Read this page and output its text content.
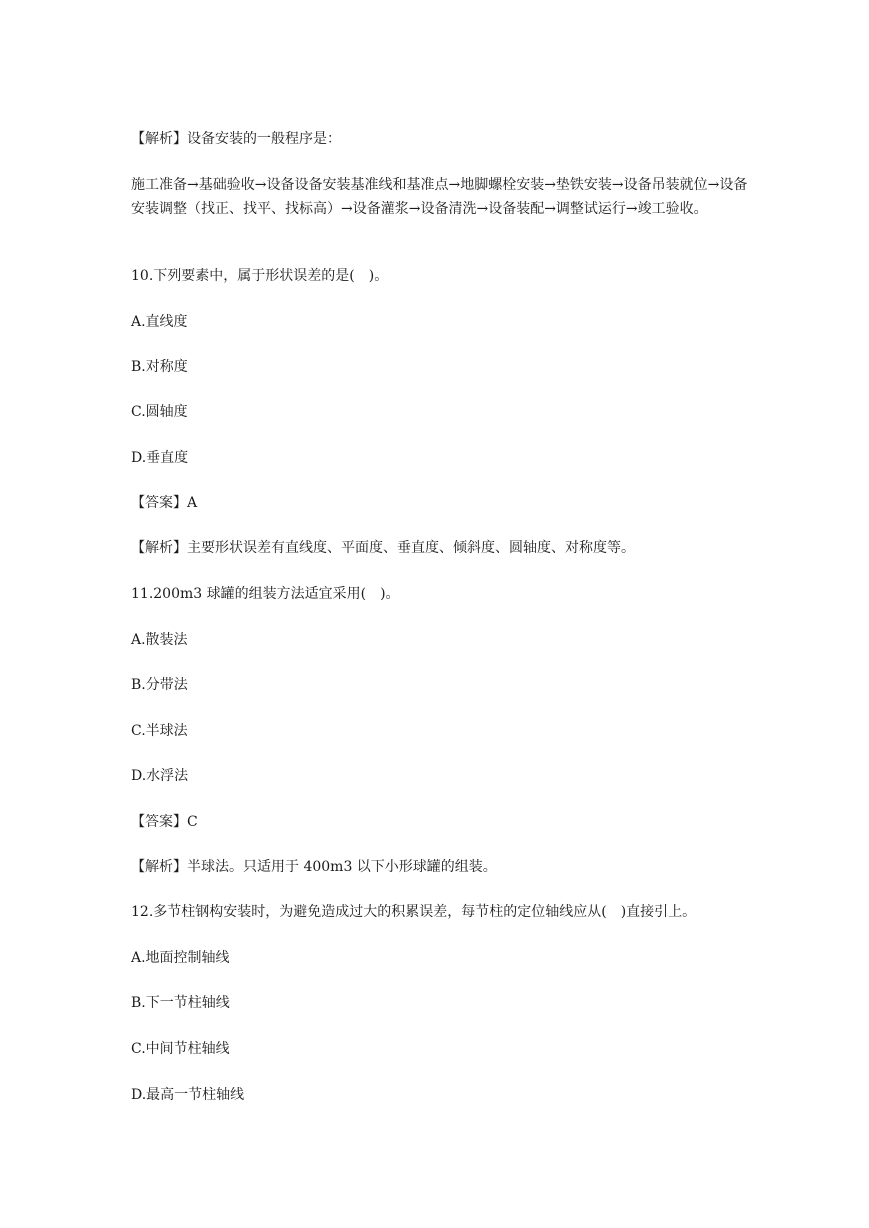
【解析】设备安装的一般程序是：

施工准备→基础验收→设备设备安装基准线和基准点→地脚螺栓安装→垫铁安装→设备吊装就位→设备安装调整（找正、找平、找标高）→设备灌浆→设备清洗→设备装配→调整试运行→竣工验收。

10.下列要素中，属于形状误差的是(　)。

A.直线度

B.对称度

C.圆轴度

D.垂直度

【答案】A

【解析】主要形状误差有直线度、平面度、垂直度、倾斜度、圆轴度、对称度等。

11.200m3 球罐的组装方法适宜采用(　)。

A.散装法

B.分带法

C.半球法

D.水浮法

【答案】C

【解析】半球法。只适用于 400m3 以下小形球罐的组装。

12.多节柱钢构安装时，为避免造成过大的积累误差，每节柱的定位轴线应从(　)直接引上。

A.地面控制轴线

B.下一节柱轴线

C.中间节柱轴线

D.最高一节柱轴线
